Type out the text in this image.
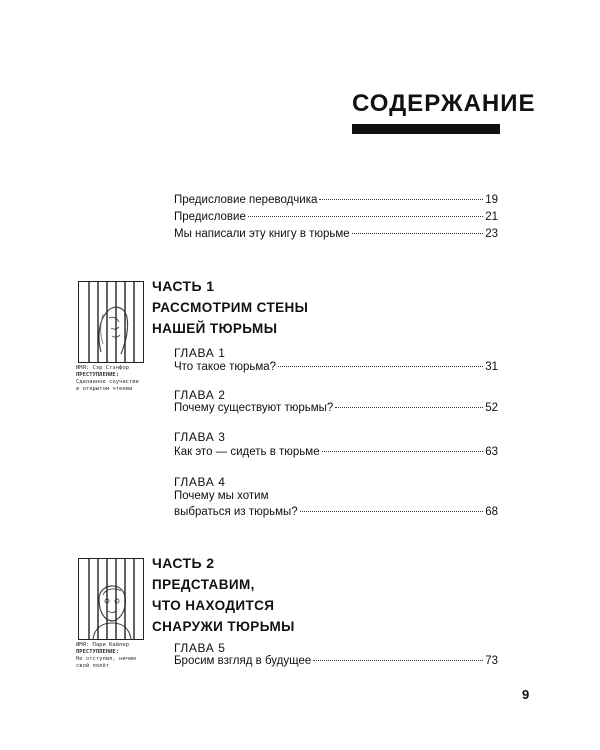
СОДЕРЖАНИЕ
Предисловие переводчика	19
Предисловие	21
Мы написали эту книгу в тюрьме	23
ИМЯ: Сэр Стэнфор
ПРЕСТУПЛЕНИЕ:
Сделанное соучастие
в открытом чтении
ЧАСТЬ 1
РАССМОТРИМ СТЕНЫ
НАШЕЙ ТЮРЬМЫ
ГЛАВА 1
Что такое тюрьма?	31
ГЛАВА 2
Почему существуют тюрьмы?	52
ГЛАВА 3
Как это — сидеть в тюрьме	63
ГЛАВА 4
Почему мы хотим
выбраться из тюрьмы?	68
ИМЯ: Пари Кайлер
ПРЕСТУПЛЕНИЕ:
Не отступил, ничем
свой полёт
ЧАСТЬ 2
ПРЕДСТАВИМ,
ЧТО НАХОДИТСЯ
СНАРУЖИ ТЮРЬМЫ
ГЛАВА 5
Бросим взгляд в будущее	73
9
